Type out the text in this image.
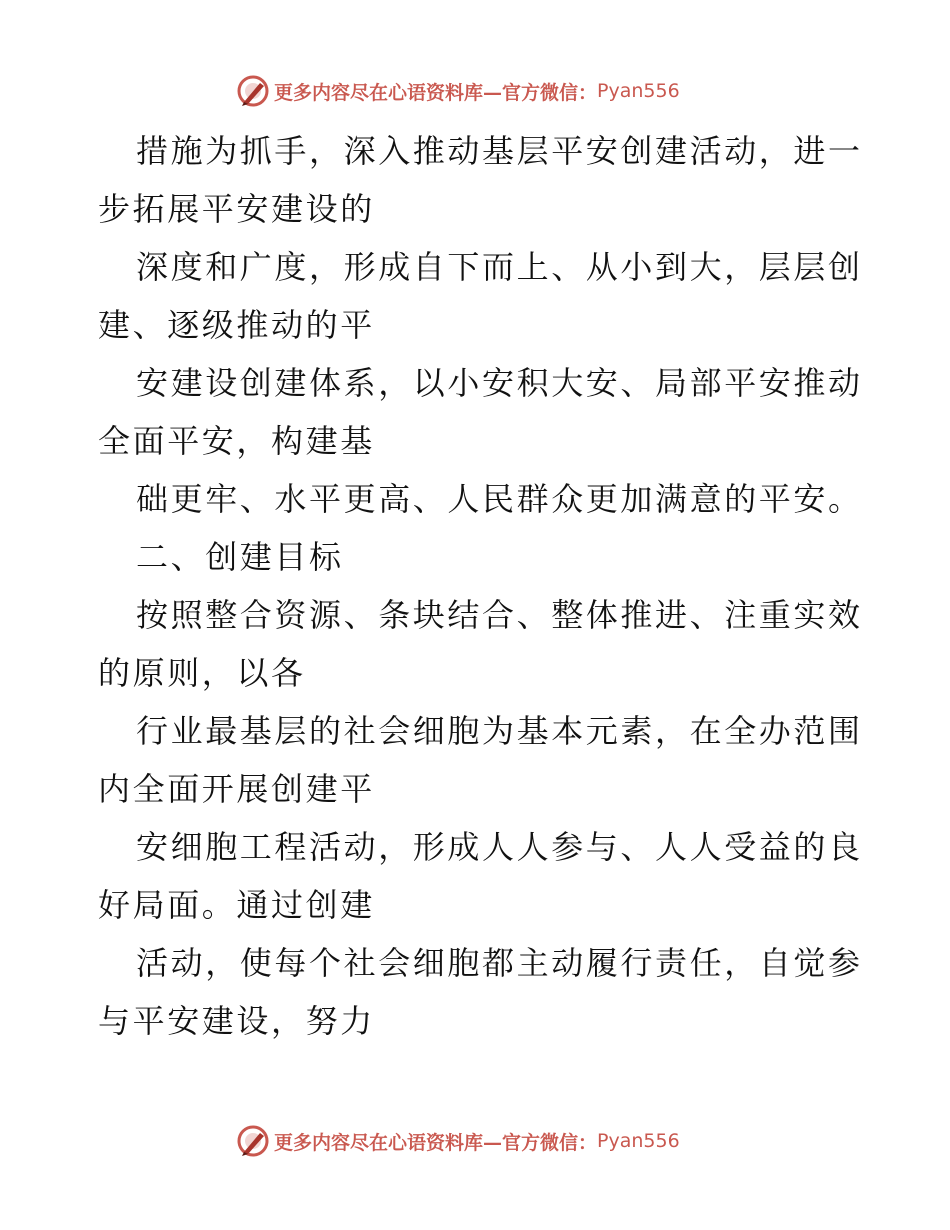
更多内容尽在心语资料库—官方微信： Pyan556
措施为抓手，深入推动基层平安创建活动，进一
步拓展平安建设的
深度和广度，形成自下而上、从小到大，层层创
建、逐级推动的平
安建设创建体系，以小安积大安、局部平安推动
全面平安，构建基
础更牢、水平更高、人民群众更加满意的平安。
二、创建目标
按照整合资源、条块结合、整体推进、注重实效
的原则，以各
行业最基层的社会细胞为基本元素，在全办范围
内全面开展创建平
安细胞工程活动，形成人人参与、人人受益的良
好局面。通过创建
活动，使每个社会细胞都主动履行责任，自觉参
与平安建设，努力
更多内容尽在心语资料库—官方微信： Pyan556
